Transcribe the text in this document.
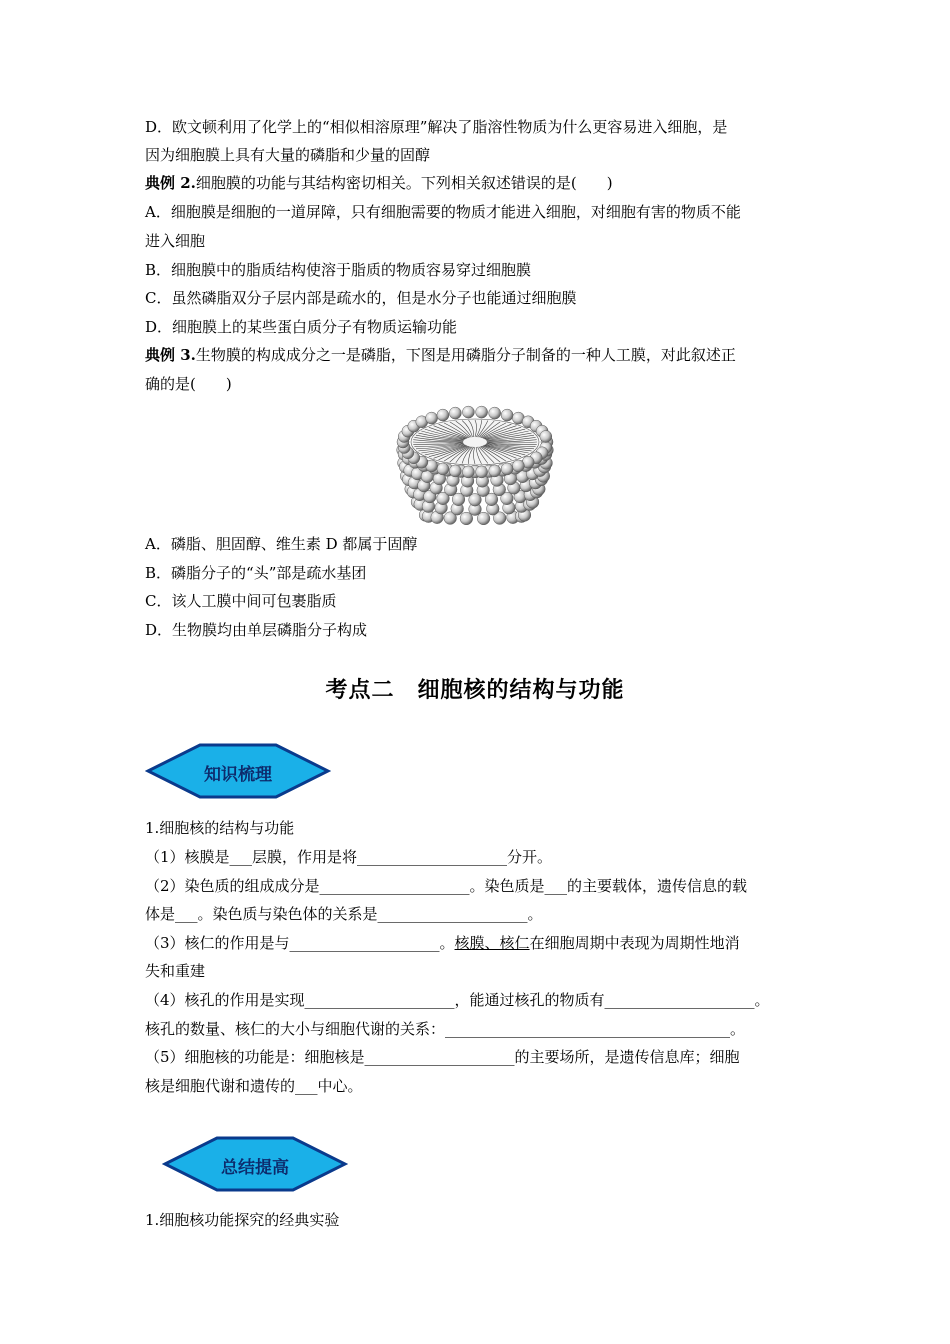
D．欧文顿利用了化学上的“相似相溶原理”解决了脂溶性物质为什么更容易进入细胞，是
因为细胞膜上具有大量的磷脂和少量的固醇
典例 2.细胞膜的功能与其结构密切相关。下列相关叙述错误的是(　　)
A．细胞膜是细胞的一道屏障，只有细胞需要的物质才能进入细胞，对细胞有害的物质不能
进入细胞
B．细胞膜中的脂质结构使溶于脂质的物质容易穿过细胞膜
C．虽然磷脂双分子层内部是疏水的，但是水分子也能通过细胞膜
D．细胞膜上的某些蛋白质分子有物质运输功能
典例 3.生物膜的构成成分之一是磷脂，下图是用磷脂分子制备的一种人工膜，对此叙述正
确的是(　　)
A．磷脂、胆固醇、维生素 D 都属于固醇
B．磷脂分子的“头”部是疏水基团
C．该人工膜中间可包裹脂质
D．生物膜均由单层磷脂分子构成
考点二　细胞核的结构与功能
知识梳理
1.细胞核的结构与功能
（1）核膜是___层膜，作用是将____________________分开。
（2）染色质的组成成分是____________________。染色质是___的主要载体，遗传信息的载
体是___。染色质与染色体的关系是____________________。
（3）核仁的作用是与____________________。核膜、核仁在细胞周期中表现为周期性地消
失和重建
（4）核孔的作用是实现____________________，能通过核孔的物质有____________________。
核孔的数量、核仁的大小与细胞代谢的关系：______________________________________。
（5）细胞核的功能是：细胞核是____________________的主要场所，是遗传信息库；细胞
核是细胞代谢和遗传的___中心。
总结提高
1.细胞核功能探究的经典实验
